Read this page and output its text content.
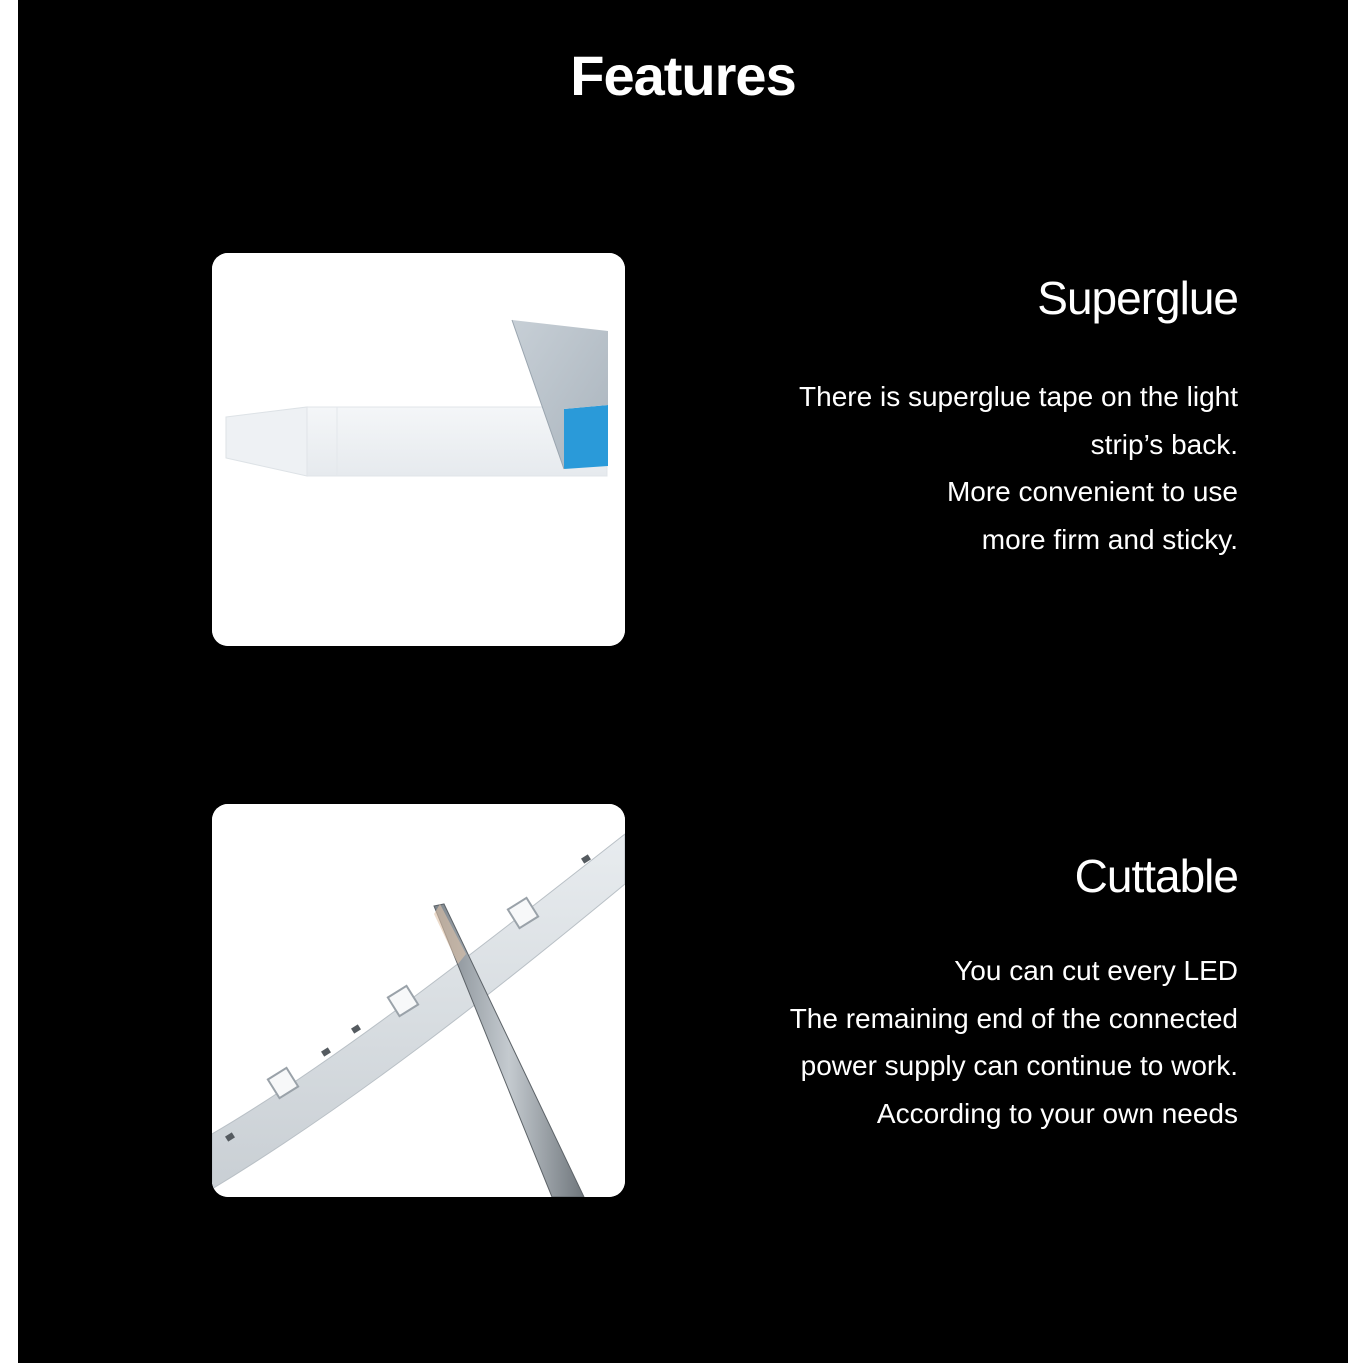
Features
Superglue
There is superglue tape on the light
strip’s back.
More convenient to use
more firm and sticky.
Cuttable
You can cut every LED
The remaining end of the connected
power supply can continue to work.
According to your own needs
